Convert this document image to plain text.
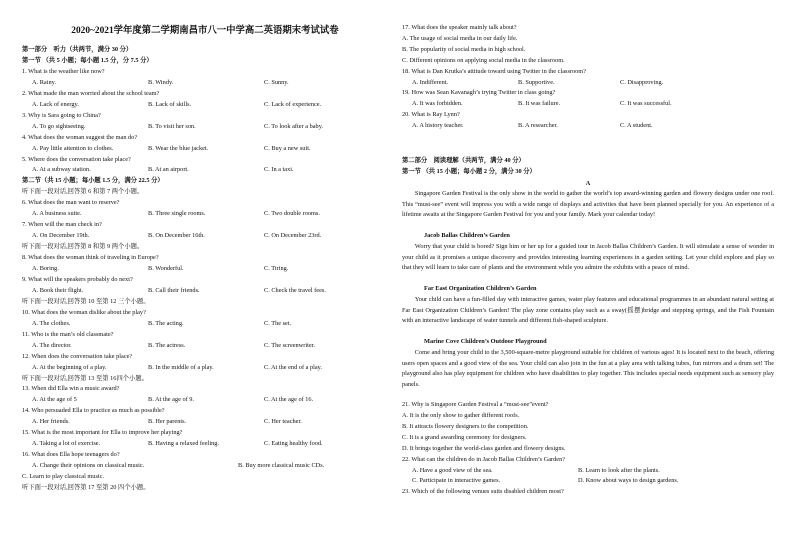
2020~2021学年度第二学期南昌市八一中学高二英语期末考试试卷
第一部分　听力（共两节，满分 30 分）
第一节 （共 5 小题；每小题 1.5 分，分 7.5 分）
1. What is the weather like now?
A. Rainy.	B. Windy.	C. Sunny.
2. What made the man worried about the school team?
A. Lack of energy.	B. Lack of skills.	C. Lack of experience.
3. Why is Sara going to China?
A. To go sightseeing.	B. To visit her son.	C. To look after a baby.
4. What does the woman suggest the man do?
A. Pay little attention to clothes.	B. Wear the blue jacket.	C. Buy a new suit.
5. Where does the conversation take place?
A. At a subway station.	B. At an airport.	C. In a taxi.
第二节（共 15 小题；每小题 1.5 分，满分 22.5 分）
听下面一段对话,回答第 6 和第 7 两个小题。
6. What does the man want to reserve?
A. A business suite.	B. Three single rooms.	C. Two double rooms.
7. When will the man check in?
A. On December 19th.	B. On December 16th.	C. On December 23rd.
听下面一段对话,回答第 8 和第 9 两个小题。
8. What does the woman think of traveling in Europe?
A. Boring.	B. Wonderful.	C. Tiring.
9. What will the speakers probably do next?
A. Book their flight.	B. Call their friends.	C. Check the travel fees.
听下面一段对话,回答第 10 至第 12 三个小题。
10. What does the woman dislike about the play?
A. The clothes.	B. The acting.	C. The set.
11. Who is the man’s old classmate?
A. The director.	B. The actress.	C. The screenwriter.
12. When does the conversation take place?
A. At the beginning of a play.	B. In the middle of a play.	C. At the end of a play.
听下面一段对话,回答第 13 至第 16四个小题。
13. When did Ella win a music award?
A. At the age of 5	B. At the age of 9.	C. At the age of 16.
14. Who persuaded Ella to practice as much as possible?
A. Her friends.	B. Her parents.	C. Her teacher.
15. What is the most important for Ella to improve her playing?
A. Taking a lot of exercise.	B. Having a relaxed feeling.	C. Eating healthy food.
16. What does Ella hope teenagers do?
A. Change their opinions on classical music.	B. Buy more classical music CDs.
C. Learn to play classical music.
听下面一段对话,回答第 17 至第 20 四个小题。
17. What does the speaker mainly talk about?
A. The usage of social media in our daily life.
B. The popularity of social media in high school.
C. Different opinions on applying social media in the classroom.
18. What is Dan Krutka’s attitude toward using Twitter in the classroom?
A. Indifferent.	B. Supportive.	C. Disapproving.
19. How was Sean Kavanagh’s trying Twitter in class going?
A. It was forbidden.	B. It was failure.	C. It was successful.
20. What is Ray Lynn?
A. A history teacher.	B. A researcher.	C. A student.
第二部分　阅读理解（共两节，满分 40 分）
第一节 （共 15 小题；每小题 2 分，满分 30 分）
A
　　Singapore Garden Festival is the only show in the world to gather the world’s top award-winning garden and flowery designs under one roof. This “must-see” event will impress you with a wide range of displays and activities that have been planned specially for you. An experience of a lifetime awaits at the Singapore Garden Festival for you and your family. Mark your calendar today!
Jacob Ballas Children’s Garden
　　Worry that your child is bored? Sign him or her up for a guided tour in Jacob Ballas Children’s Garden. It will stimulate a sense of wonder in your child as it promises a unique discovery and provides interesting learning experiences in a garden setting. Let your child explore and play so that they will learn to take care of plants and the environment while you admire the exhibits with a peace of mind.
Far East Organization Children’s Garden
　　Your child can have a fun-filled day with interactive games, water play features and educational programmes in an abundant natural setting at Far East Organization Children’s Garden! The play zone contains play such as a sway(摇摆)bridge and stepping springs, and the Fish Fountain with an interactive landscape of water tunnels and different fish-shaped sculpture.
Marine Cove Children’s Outdoor Playground
　　Come and bring your child to the 3,500-square-metre playground suitable for children of various ages! It is located next to the beach, offering users open spaces and a good view of the sea. Your child can also join in the fun at a play area with talking tubes, fun mirrors and a drum set! The playground also has play equipment for children who have disabilities to play together. This includes special needs equipment such as sensory play panels.
21. Why is Singapore Garden Festival a “must-see”event?
A. It is the only show to gather different roofs.
B. It attracts flowery designers to the competition.
C. It is a grand awarding ceremony for designers.
D. It brings together the world-class garden and flowery designs.
22. What can the children do in Jacob Ballas Children’s Garden?
A. Have a good view of the sea.	B. Learn to look after the plants.
C. Participate in interactive games.	D. Know about ways to design gardens.
23. Which of the following venues suits disabled children most?
